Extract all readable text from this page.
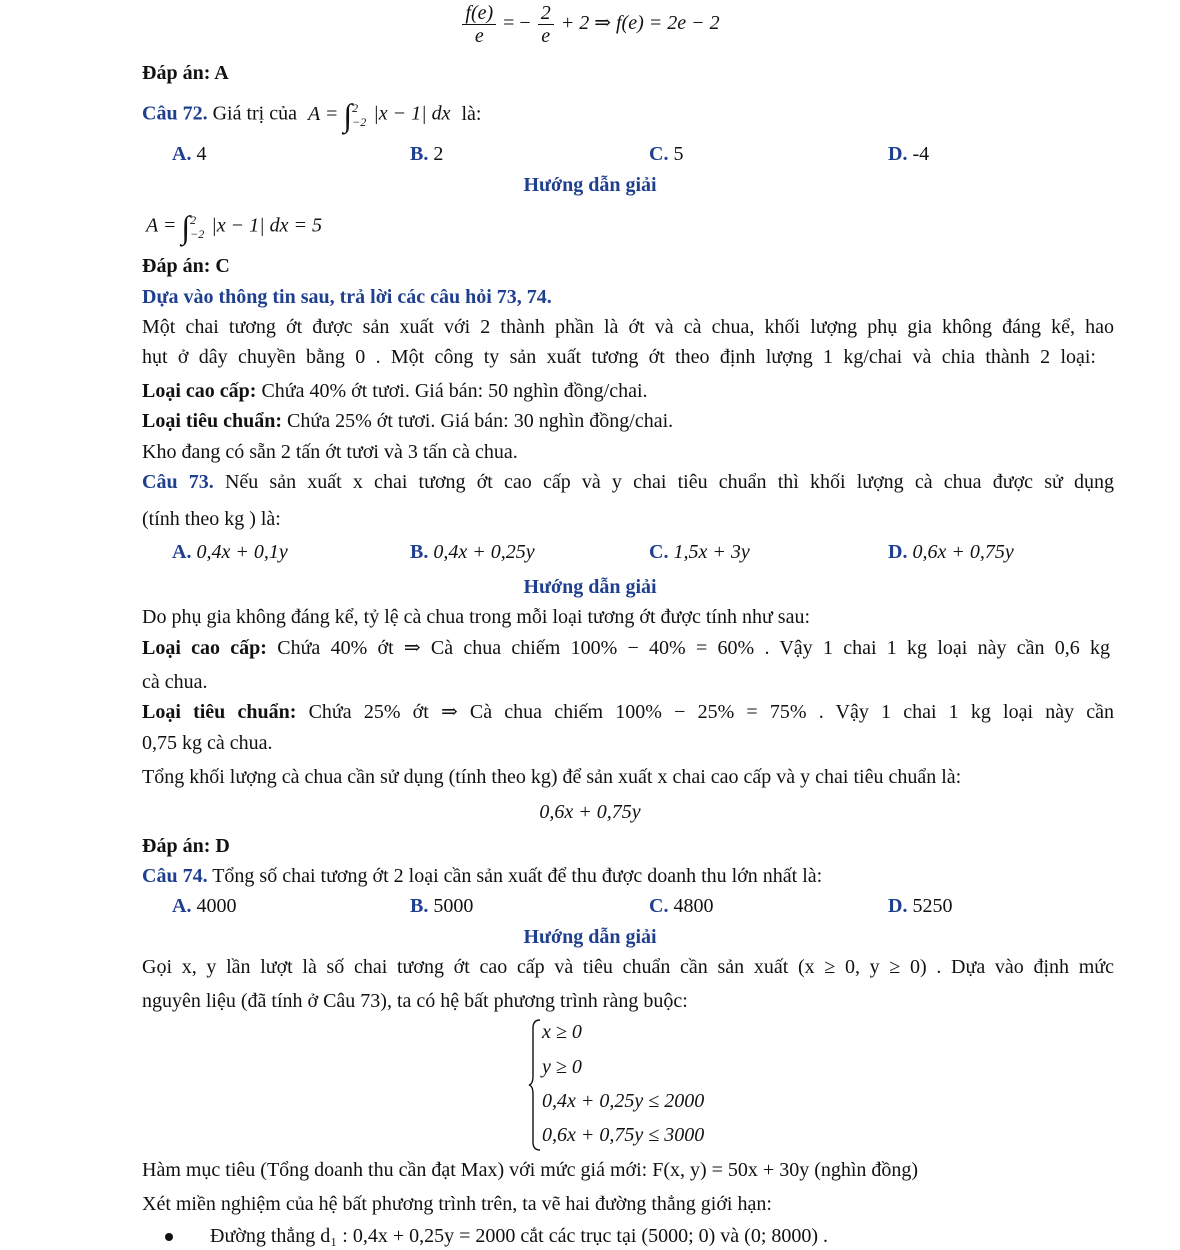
$\frac{f(e)}{e}$ = − $\frac{2}{e} + 2$ ⇒ f(e) = 2e − 2
Đáp án: A
Câu 72. Giá trị của A = ∫ 2
−2 |x − 1| dx là:
A. 4	B. 2	C. 5	D. -4
Hướng dẫn giải
A = ∫ 2
−2 |x − 1| dx = 5
Đáp án: C
Dựa vào thông tin sau, trả lời các câu hỏi 73, 74.
Một chai tương ớt được sản xuất với 2 thành phần là ớt và cà chua, khối lượng phụ gia không đáng kể, hao
hụt ở dây chuyền bằng 0 . Một công ty sản xuất tương ớt theo định lượng 1 kg/chai và chia thành 2 loại:
Loại cao cấp: Chứa 40% ớt tươi. Giá bán: 50 nghìn đồng/chai.
Loại tiêu chuẩn: Chứa 25% ớt tươi. Giá bán: 30 nghìn đồng/chai.
Kho đang có sẵn 2 tấn ớt tươi và 3 tấn cà chua.
Câu 73. Nếu sản xuất x chai tương ớt cao cấp và y chai tiêu chuẩn thì khối lượng cà chua được sử dụng
(tính theo kg ) là:
A. 0,4x + 0,1y	B. 0,4x + 0,25y	C. 1,5x + 3y	D. 0,6x + 0,75y
Hướng dẫn giải
Do phụ gia không đáng kể, tỷ lệ cà chua trong mỗi loại tương ớt được tính như sau:
Loại cao cấp: Chứa 40% ớt ⇒ Cà chua chiếm 100% − 40% = 60% . Vậy 1 chai 1 kg loại này cần 0,6 kg
cà chua.
Loại tiêu chuẩn: Chứa 25% ớt ⇒ Cà chua chiếm 100% − 25% = 75% . Vậy 1 chai 1 kg loại này cần
0,75 kg cà chua.
Tổng khối lượng cà chua cần sử dụng (tính theo kg) để sản xuất x chai cao cấp và y chai tiêu chuẩn là:
0,6x + 0,75y
Đáp án: D
Câu 74. Tổng số chai tương ớt 2 loại cần sản xuất để thu được doanh thu lớn nhất là:
A. 4000	B. 5000	C. 4800	D. 5250
Hướng dẫn giải
Gọi x, y lần lượt là số chai tương ớt cao cấp và tiêu chuẩn cần sản xuất (x ≥ 0, y ≥ 0) . Dựa vào định mức
nguyên liệu (đã tính ở Câu 73), ta có hệ bất phương trình ràng buộc:
x ≥ 0
y ≥ 0
0,4x + 0,25y ≤ 2000
0,6x + 0,75y ≤ 3000
Hàm mục tiêu (Tổng doanh thu cần đạt Max) với mức giá mới: F(x, y) = 50x + 30y (nghìn đồng)
Xét miền nghiệm của hệ bất phương trình trên, ta vẽ hai đường thẳng giới hạn:
Đường thẳng d₁ : 0,4x + 0,25y = 2000 cắt các trục tại (5000; 0) và (0; 8000) .
